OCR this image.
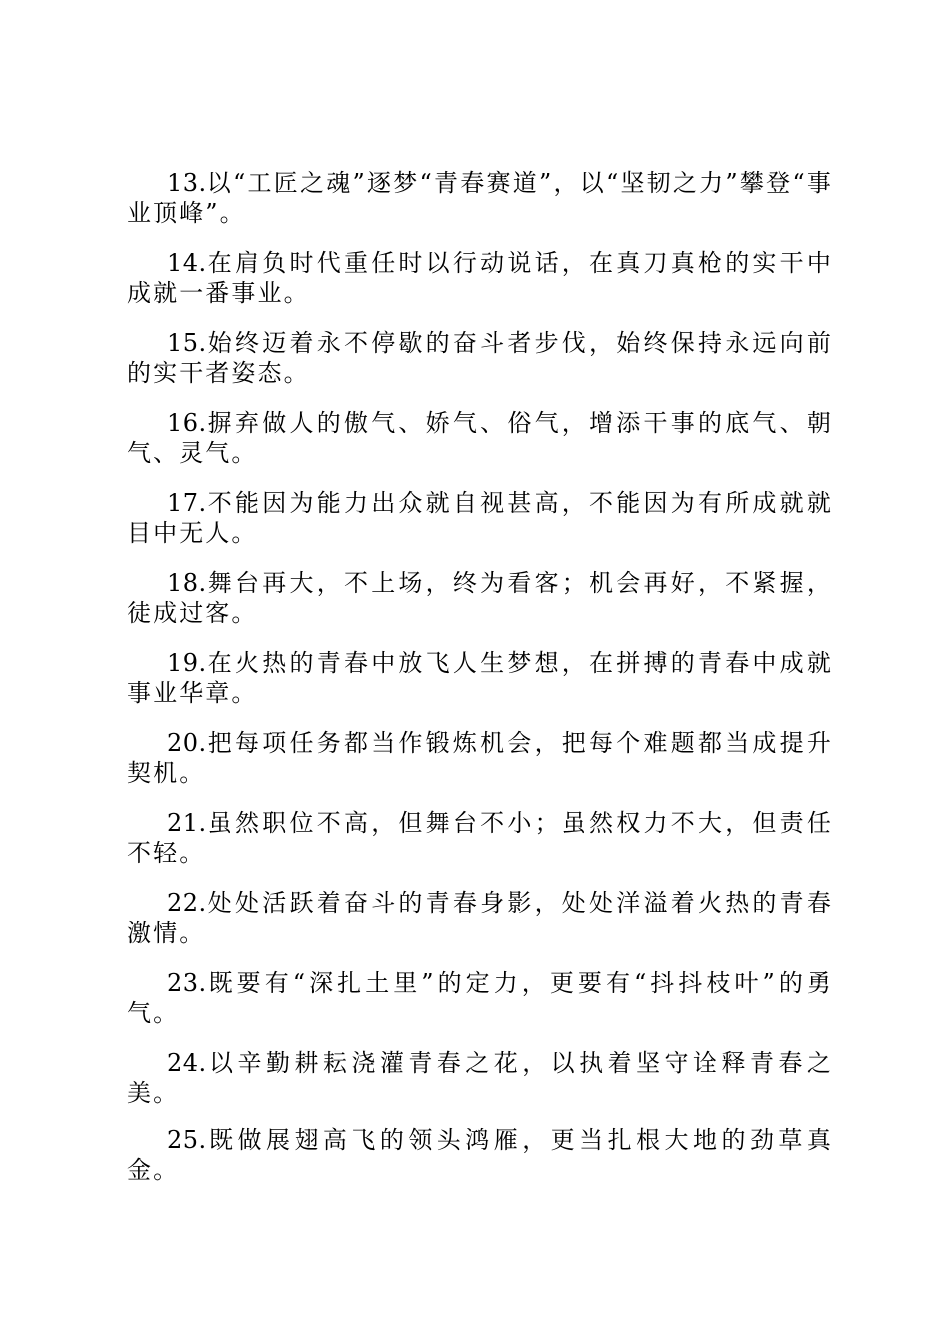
13.以“工匠之魂”逐梦“青春赛道”，以“坚韧之力”攀登“事业顶峰”。

14.在肩负时代重任时以行动说话，在真刀真枪的实干中成就一番事业。

15.始终迈着永不停歇的奋斗者步伐，始终保持永远向前的实干者姿态。

16.摒弃做人的傲气、娇气、俗气，增添干事的底气、朝气、灵气。

17.不能因为能力出众就自视甚高，不能因为有所成就就目中无人。

18.舞台再大，不上场，终为看客；机会再好，不紧握，徒成过客。

19.在火热的青春中放飞人生梦想，在拼搏的青春中成就事业华章。

20.把每项任务都当作锻炼机会，把每个难题都当成提升契机。

21.虽然职位不高，但舞台不小；虽然权力不大，但责任不轻。

22.处处活跃着奋斗的青春身影，处处洋溢着火热的青春激情。

23.既要有“深扎土里”的定力，更要有“抖抖枝叶”的勇气。

24.以辛勤耕耘浇灌青春之花，以执着坚守诠释青春之美。

25.既做展翅高飞的领头鸿雁，更当扎根大地的劲草真金。
